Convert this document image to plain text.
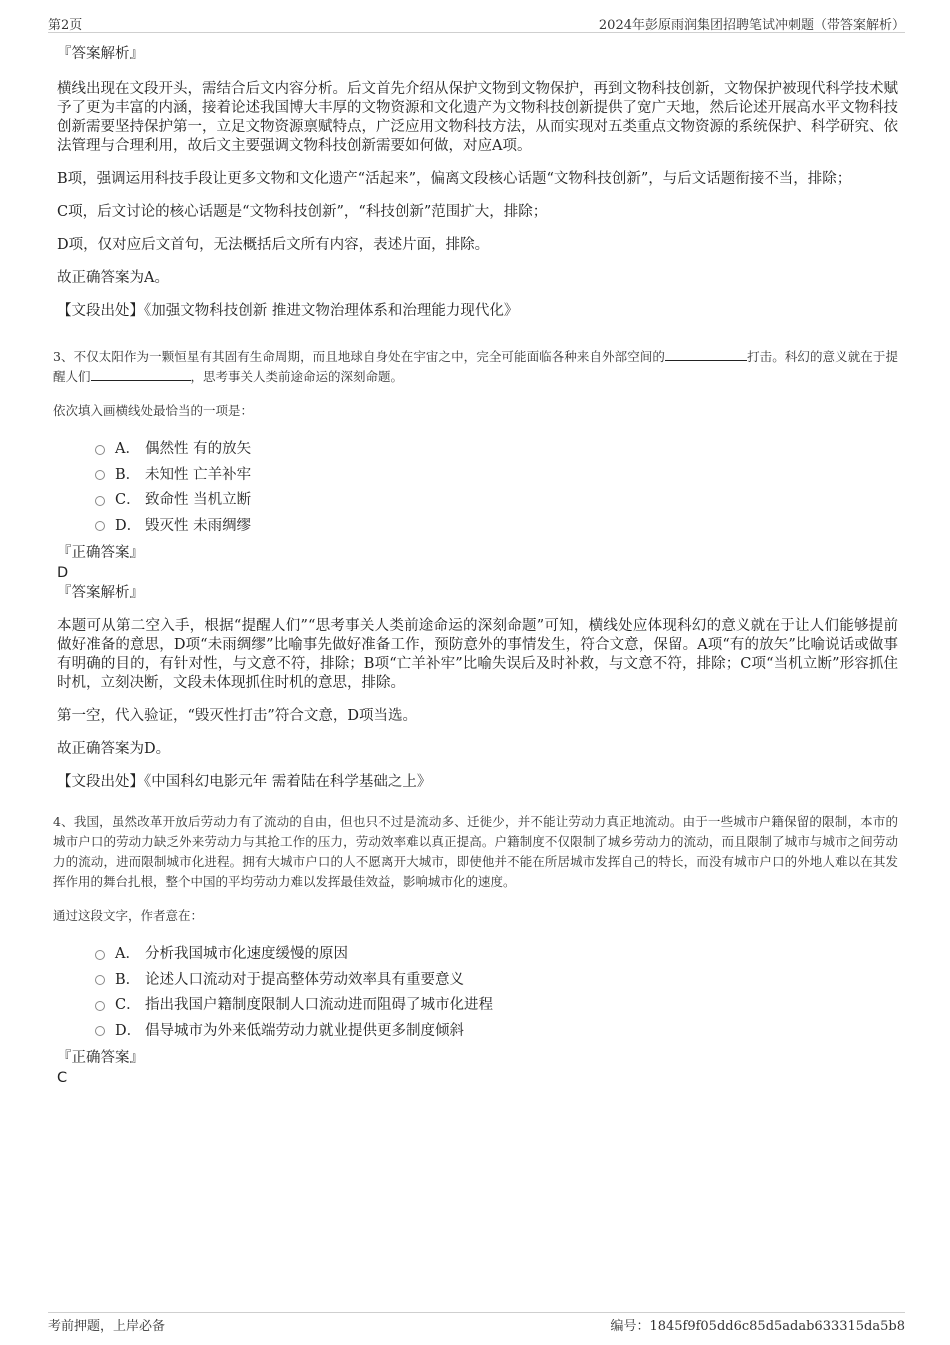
第2页	2024年彭原雨润集团招聘笔试冲刺题（带答案解析）

『答案解析』

横线出现在文段开头，需结合后文内容分析。后文首先介绍从保护文物到文物保护，再到文物科技创新，文物保护被现代科学技术赋予了更为丰富的内涵，接着论述我国博大丰厚的文物资源和文化遗产为文物科技创新提供了宽广天地，然后论述开展高水平文物科技创新需要坚持保护第一，立足文物资源禀赋特点，广泛应用文物科技方法，从而实现对五类重点文物资源的系统保护、科学研究、依法管理与合理利用，故后文主要强调文物科技创新需要如何做，对应A项。

B项，强调运用科技手段让更多文物和文化遗产“活起来”，偏离文段核心话题“文物科技创新”，与后文话题衔接不当，排除；

C项，后文讨论的核心话题是“文物科技创新”，“科技创新”范围扩大，排除；

D项，仅对应后文首句，无法概括后文所有内容，表述片面，排除。

故正确答案为A。

【文段出处】《加强文物科技创新 推进文物治理体系和治理能力现代化》

3、不仅太阳作为一颗恒星有其固有生命周期，而且地球自身处在宇宙之中，完全可能面临各种来自外部空间的	打击。科幻的意义就在于提醒人们	，思考事关人类前途命运的深刻命题。

依次填入画横线处最恰当的一项是：

A． 偶然性 有的放矢
B． 未知性 亡羊补牢
C． 致命性 当机立断
D． 毁灭性 未雨绸缪

『正确答案』

D

『答案解析』

本题可从第二空入手，根据“提醒人们”“思考事关人类前途命运的深刻命题”可知，横线处应体现科幻的意义就在于让人们能够提前做好准备的意思，D项“未雨绸缪”比喻事先做好准备工作，预防意外的事情发生，符合文意，保留。A项“有的放矢”比喻说话或做事有明确的目的，有针对性，与文意不符，排除；B项“亡羊补牢”比喻失误后及时补救，与文意不符，排除；C项“当机立断”形容抓住时机，立刻决断，文段未体现抓住时机的意思，排除。

第一空，代入验证，“毁灭性打击”符合文意，D项当选。

故正确答案为D。

【文段出处】《中国科幻电影元年 需着陆在科学基础之上》

4、我国，虽然改革开放后劳动力有了流动的自由，但也只不过是流动多、迁徙少，并不能让劳动力真正地流动。由于一些城市户籍保留的限制，本市的城市户口的劳动力缺乏外来劳动力与其抢工作的压力，劳动效率难以真正提高。户籍制度不仅限制了城乡劳动力的流动，而且限制了城市与城市之间劳动力的流动，进而限制城市化进程。拥有大城市户口的人不愿离开大城市，即使他并不能在所居城市发挥自己的特长，而没有城市户口的外地人难以在其发挥作用的舞台扎根，整个中国的平均劳动力难以发挥最佳效益，影响城市化的速度。

通过这段文字，作者意在：

A． 分析我国城市化速度缓慢的原因
B． 论述人口流动对于提高整体劳动效率具有重要意义
C． 指出我国户籍制度限制人口流动进而阻碍了城市化进程
D． 倡导城市为外来低端劳动力就业提供更多制度倾斜

『正确答案』

C

考前押题，上岸必备	编号：1845f9f05dd6c85d5adab633315da5b8
